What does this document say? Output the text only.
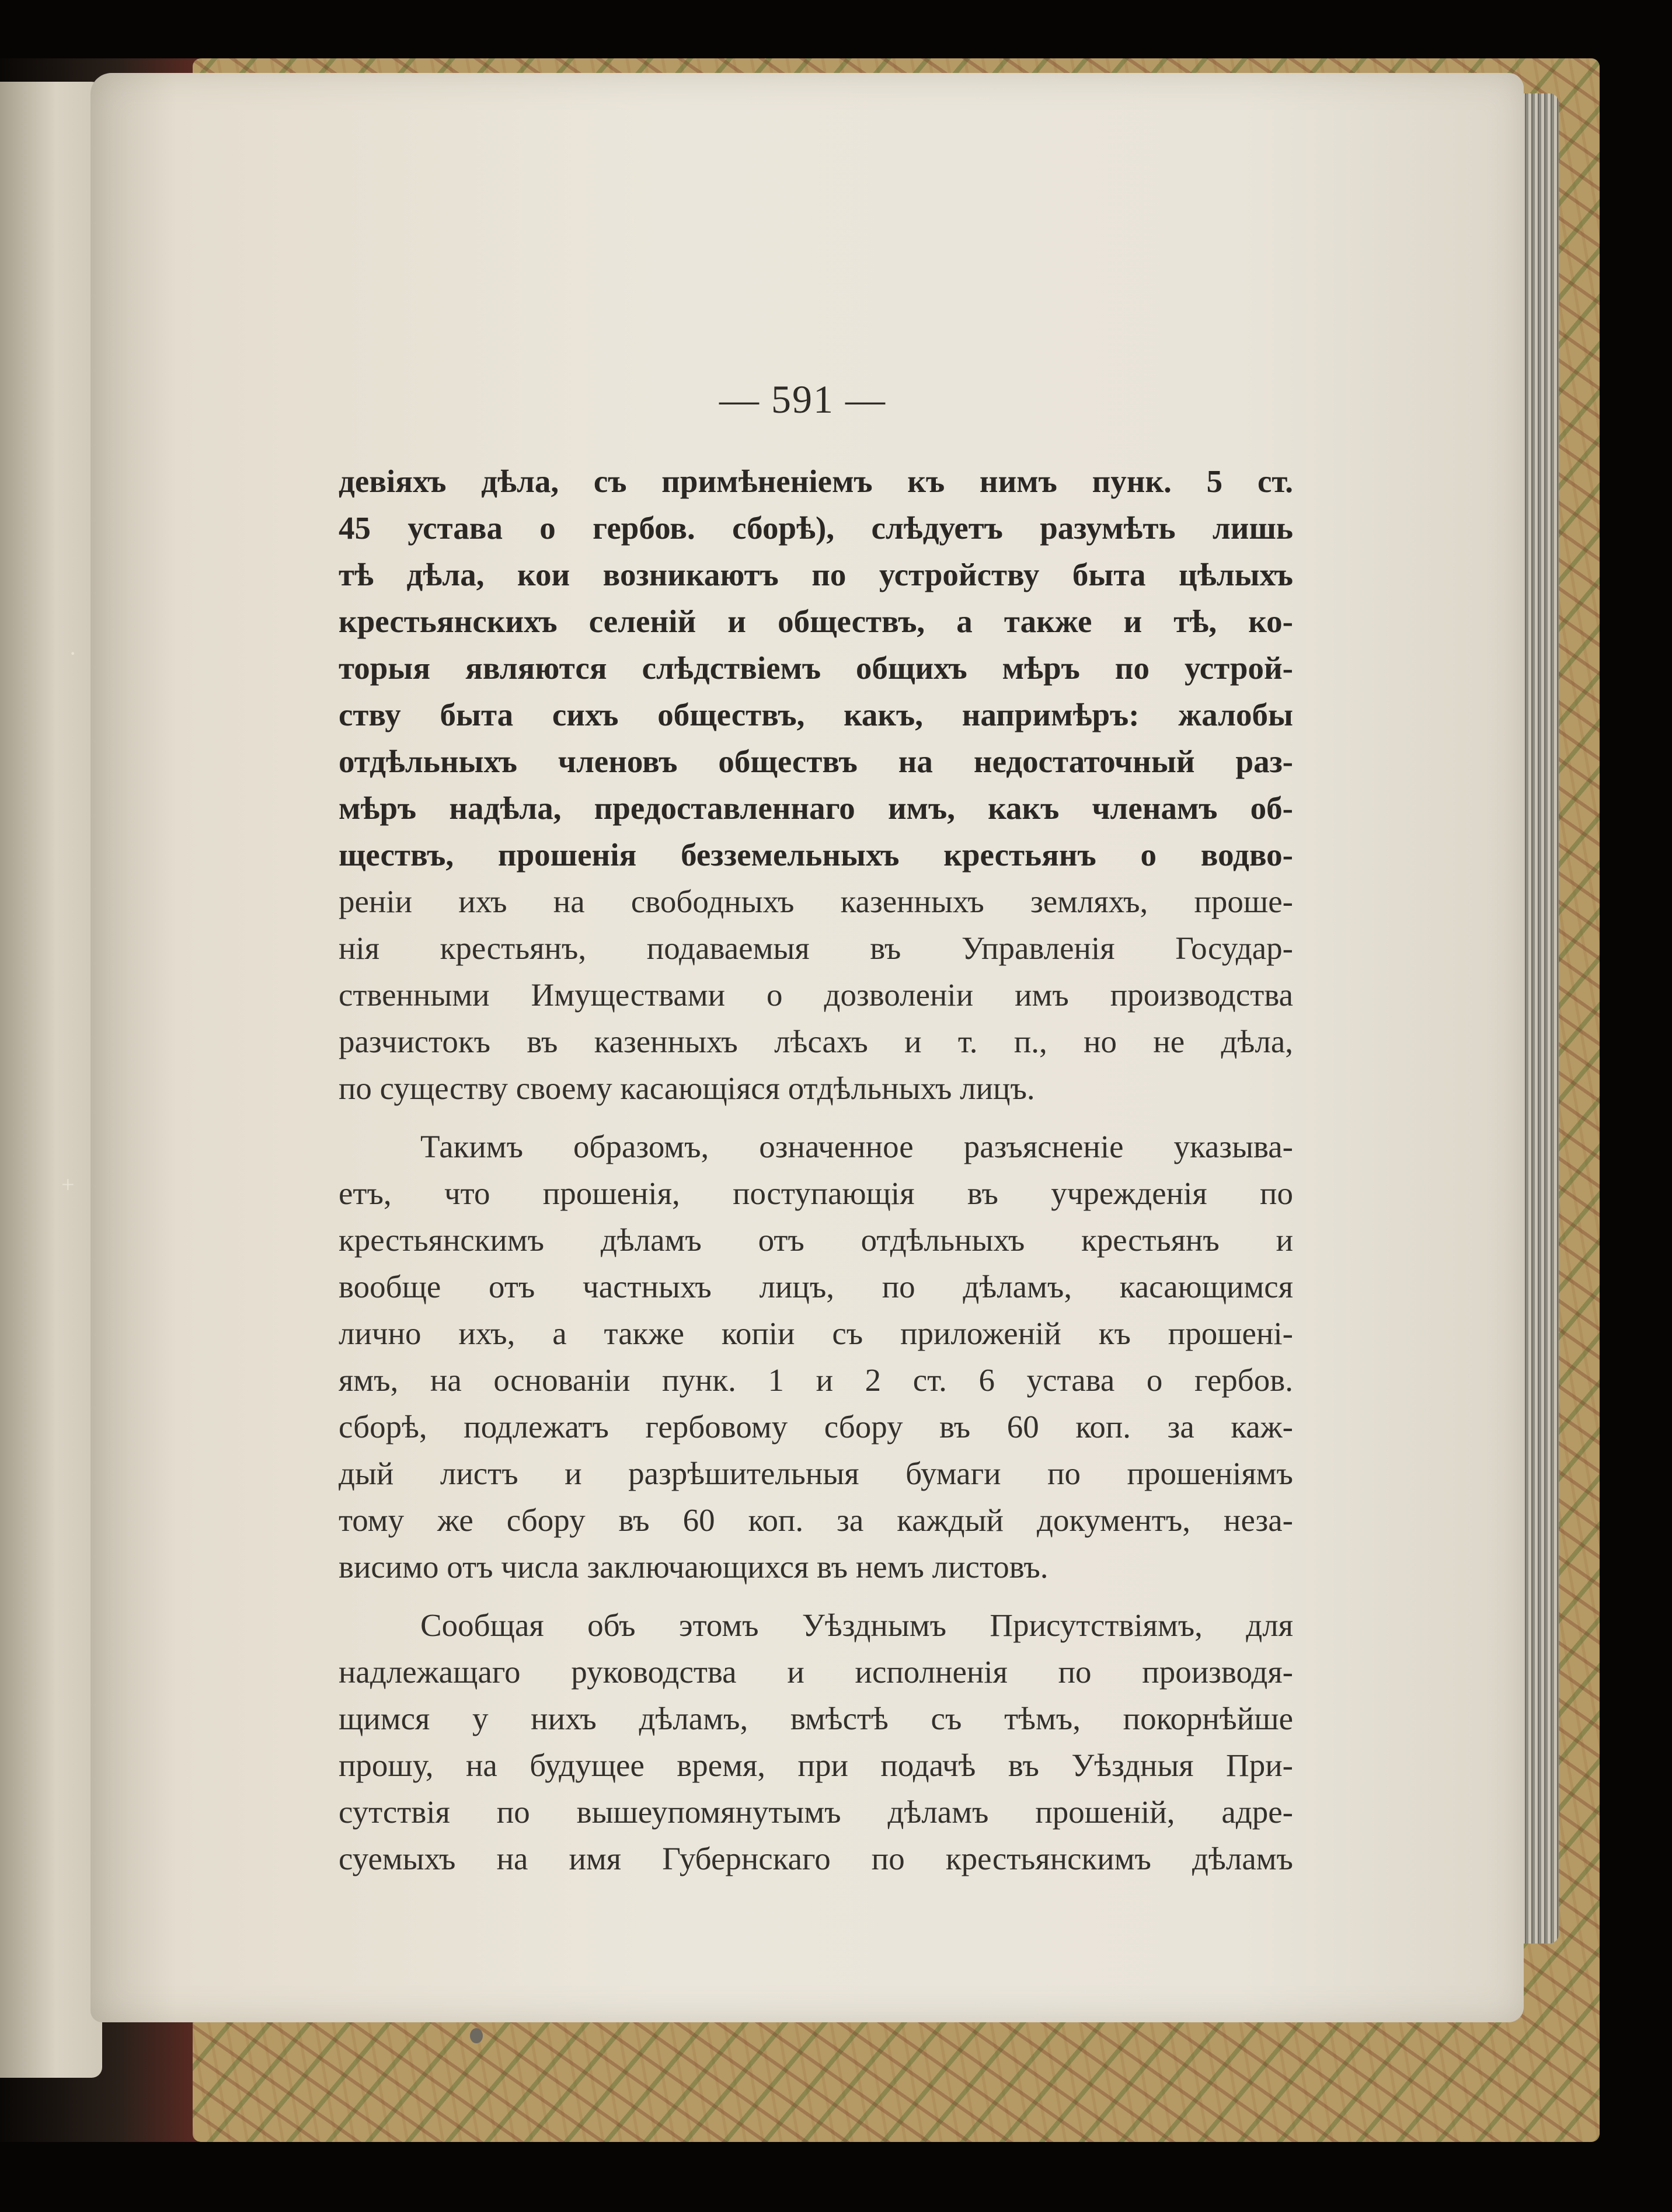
— 591 —
девіяхъ дѣла, съ примѣненіемъ къ нимъ пунк. 5 ст.
45 устава о гербов. сборѣ), слѣдуетъ разумѣть лишь
тѣ дѣла, кои возникаютъ по устройству быта цѣлыхъ
крестьянскихъ селеній и обществъ, а также и тѣ, ко-
торыя являются слѣдствіемъ общихъ мѣръ по устрой-
ству быта сихъ обществъ, какъ, напримѣръ: жалобы
отдѣльныхъ членовъ обществъ на недостаточный раз-
мѣръ надѣла, предоставленнаго имъ, какъ членамъ об-
ществъ, прошенія безземельныхъ крестьянъ о водво-
реніи ихъ на свободныхъ казенныхъ земляхъ, проше-
нія крестьянъ, подаваемыя въ Управленія Государ-
ственными Имуществами о дозволеніи имъ производства
разчистокъ въ казенныхъ лѣсахъ и т. п., но не дѣла,
по существу своему касающіяся отдѣльныхъ лицъ.
Такимъ образомъ, означенное разъясненіе указыва-
етъ, что прошенія, поступающія въ учрежденія по
крестьянскимъ дѣламъ отъ отдѣльныхъ крестьянъ и
вообще отъ частныхъ лицъ, по дѣламъ, касающимся
лично ихъ, а также копіи съ приложеній къ прошені-
ямъ, на основаніи пунк. 1 и 2 ст. 6 устава о гербов.
сборѣ, подлежатъ гербовому сбору въ 60 коп. за каж-
дый листъ и разрѣшительныя бумаги по прошеніямъ
тому же сбору въ 60 коп. за каждый документъ, неза-
висимо отъ числа заключающихся въ немъ листовъ.
Сообщая объ этомъ Уѣзднымъ Присутствіямъ, для
надлежащаго руководства и исполненія по производя-
щимся у нихъ дѣламъ, вмѣстѣ съ тѣмъ, покорнѣйше
прошу, на будущее время, при подачѣ въ Уѣздныя При-
сутствія по вышеупомянутымъ дѣламъ прошеній, адре-
суемыхъ на имя Губернскаго по крестьянскимъ дѣламъ
+
·
